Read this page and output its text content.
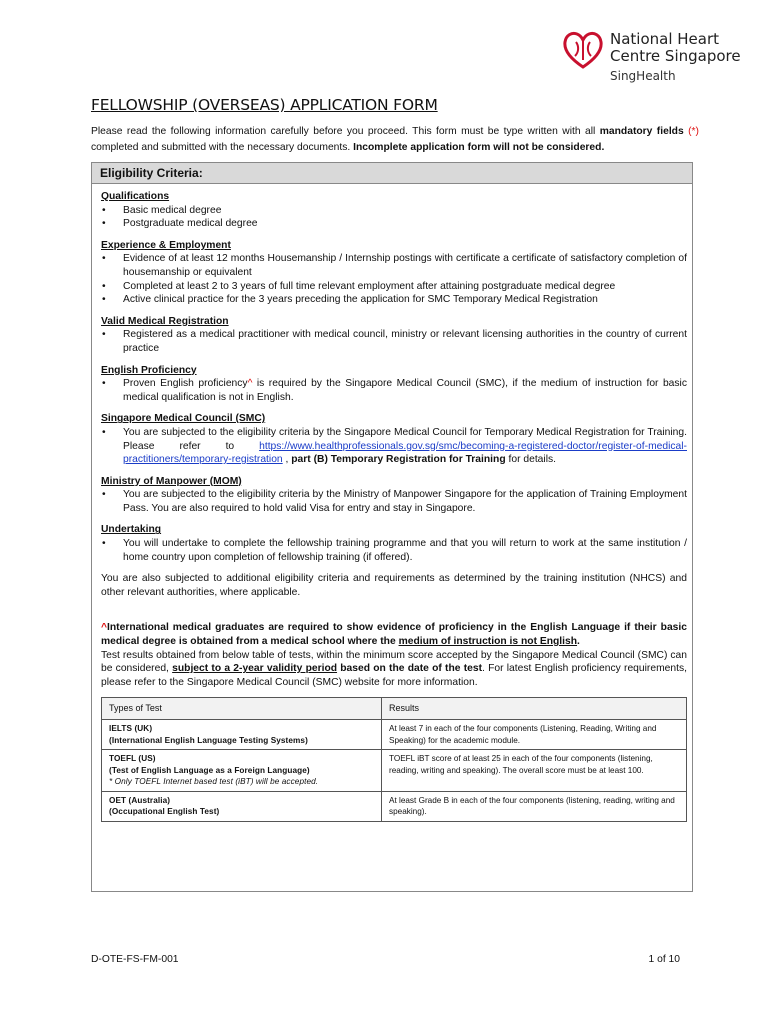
National Heart
Centre Singapore
SingHealth
FELLOWSHIP (OVERSEAS) APPLICATION FORM
Please read the following information carefully before you proceed. This form must be type written with all mandatory fields (*) completed and submitted with the necessary documents. Incomplete application form will not be considered.
Eligibility Criteria:
Qualifications
• Basic medical degree
• Postgraduate medical degree
Experience & Employment
• Evidence of at least 12 months Housemanship / Internship postings with certificate a certificate of satisfactory completion of housemanship or equivalent
• Completed at least 2 to 3 years of full time relevant employment after attaining postgraduate medical degree
• Active clinical practice for the 3 years preceding the application for SMC Temporary Medical Registration
Valid Medical Registration
• Registered as a medical practitioner with medical council, ministry or relevant licensing authorities in the country of current practice
English Proficiency
• Proven English proficiency^ is required by the Singapore Medical Council (SMC), if the medium of instruction for basic medical qualification is not in English.
Singapore Medical Council (SMC)
• You are subjected to the eligibility criteria by the Singapore Medical Council for Temporary Medical Registration for Training. Please refer to https://www.healthprofessionals.gov.sg/smc/becoming-a-registered-doctor/register-of-medical-practitioners/temporary-registration , part (B) Temporary Registration for Training for details.
Ministry of Manpower (MOM)
• You are subjected to the eligibility criteria by the Ministry of Manpower Singapore for the application of Training Employment Pass. You are also required to hold valid Visa for entry and stay in Singapore.
Undertaking
• You will undertake to complete the fellowship training programme and that you will return to work at the same institution / home country upon completion of fellowship training (if offered).
You are also subjected to additional eligibility criteria and requirements as determined by the training institution (NHCS) and other relevant authorities, where applicable.
^International medical graduates are required to show evidence of proficiency in the English Language if their basic medical degree is obtained from a medical school where the medium of instruction is not English.
Test results obtained from below table of tests, within the minimum score accepted by the Singapore Medical Council (SMC) can be considered, subject to a 2-year validity period based on the date of the test. For latest English proficiency requirements, please refer to the Singapore Medical Council (SMC) website for more information.
Types of Test	Results

IELTS (UK)
(International English Language Testing Systems)	At least 7 in each of the four components (Listening, Reading, Writing and Speaking) for the academic module.

TOEFL (US)
(Test of English Language as a Foreign Language)
* Only TOEFL Internet based test (iBT) will be accepted.	TOEFL iBT score of at least 25 in each of the four components (listening, reading, writing and speaking). The overall score must be at least 100.

OET (Australia)
(Occupational English Test)	At least Grade B in each of the four components (listening, reading, writing and speaking).
D-OTE-FS-FM-001	1 of 10
